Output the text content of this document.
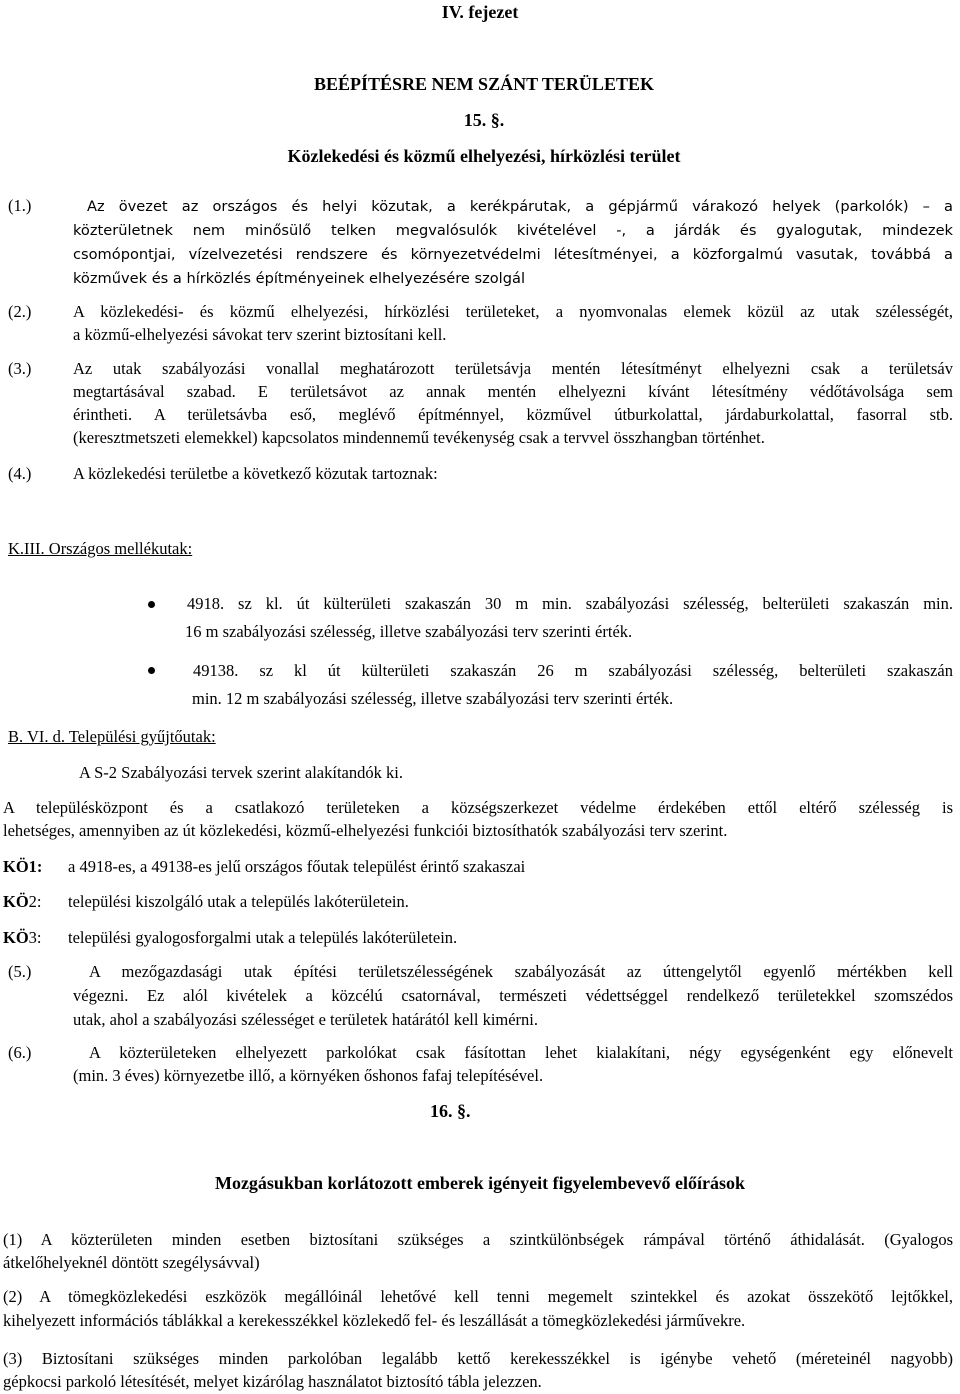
IV. fejezet
BEÉPÍTÉSRE NEM SZÁNT TERÜLETEK
15. §.
Közlekedési és közmű elhelyezési, hírközlési terület
(1.)	Az övezet az országos és helyi közutak, a kerékpárutak, a gépjármű várakozó helyek (parkolók) – a
közterületnek nem minősülő telken megvalósulók kivételével -, a járdák és gyalogutak, mindezek
csomópontjai, vízelvezetési rendszere és környezetvédelmi létesítményei, a közforgalmú vasutak, továbbá a
közművek és a hírközlés építményeinek elhelyezésére szolgál
(2.)	A közlekedési- és közmű elhelyezési, hírközlési területeket, a nyomvonalas elemek közül az utak szélességét,
a közmű-elhelyezési sávokat terv szerint biztosítani kell.
(3.)	Az utak szabályozási vonallal meghatározott területsávja mentén létesítményt elhelyezni csak a területsáv
megtartásával szabad. E területsávot az annak mentén elhelyezni kívánt létesítmény védőtávolsága sem
érintheti. A területsávba eső, meglévő építménnyel, közművel útburkolattal, járdaburkolattal, fasorral stb.
(keresztmetszeti elemekkel) kapcsolatos mindennemű tevékenység csak a tervvel összhangban történhet.
(4.)	A közlekedési területbe a következő közutak tartoznak:
K.III. Országos mellékutak:
4918. sz kl. út külterületi szakaszán 30 m min. szabályozási szélesség, belterületi szakaszán min.
16 m szabályozási szélesség, illetve szabályozási terv szerinti érték.
49138. sz kl út külterületi szakaszán 26 m szabályozási szélesség, belterületi szakaszán
min. 12 m szabályozási szélesség, illetve szabályozási terv szerinti érték.
B. VI. d. Települési gyűjtőutak:
A S-2 Szabályozási tervek szerint alakítandók ki.
A településközpont és a csatlakozó területeken a községszerkezet védelme érdekében ettől eltérő szélesség is
lehetséges, amennyiben az út közlekedési, közmű-elhelyezési funkciói biztosíthatók szabályozási terv szerint.
KÖ1: a 4918-es, a 49138-es jelű országos főutak települést érintő szakaszai
KÖ2: települési kiszolgáló utak a település lakóterületein.
KÖ3: települési gyalogosforgalmi utak a település lakóterületein.
(5.)	A mezőgazdasági utak építési területszélességének szabályozását az úttengelytől egyenlő mértékben kell
végezni. Ez alól kivételek a közcélú csatornával, természeti védettséggel rendelkező területekkel szomszédos
utak, ahol a szabályozási szélességet e területek határától kell kimérni.
(6.)	A közterületeken elhelyezett parkolókat csak fásítottan lehet kialakítani, négy egységenként egy előnevelt
(min. 3 éves) környezetbe illő, a környéken őshonos fafaj telepítésével.
16. §.
Mozgásukban korlátozott emberek igényeit figyelembevevő előírások
(1) A közterületen minden esetben biztosítani szükséges a szintkülönbségek rámpával történő áthidalását. (Gyalogos
átkelőhelyeknél döntött szegélysávval)
(2) A tömegközlekedési eszközök megállóinál lehetővé kell tenni megemelt szintekkel és azokat összekötő lejtőkkel,
kihelyezett információs táblákkal a kerekesszékkel közlekedő fel- és leszállását a tömegközlekedési járművekre.
(3) Biztosítani szükséges minden parkolóban legalább kettő kerekesszékkel is igénybe vehető (méreteinél nagyobb)
gépkocsi parkoló létesítését, melyet kizárólag használatot biztosító tábla jelezzen.
